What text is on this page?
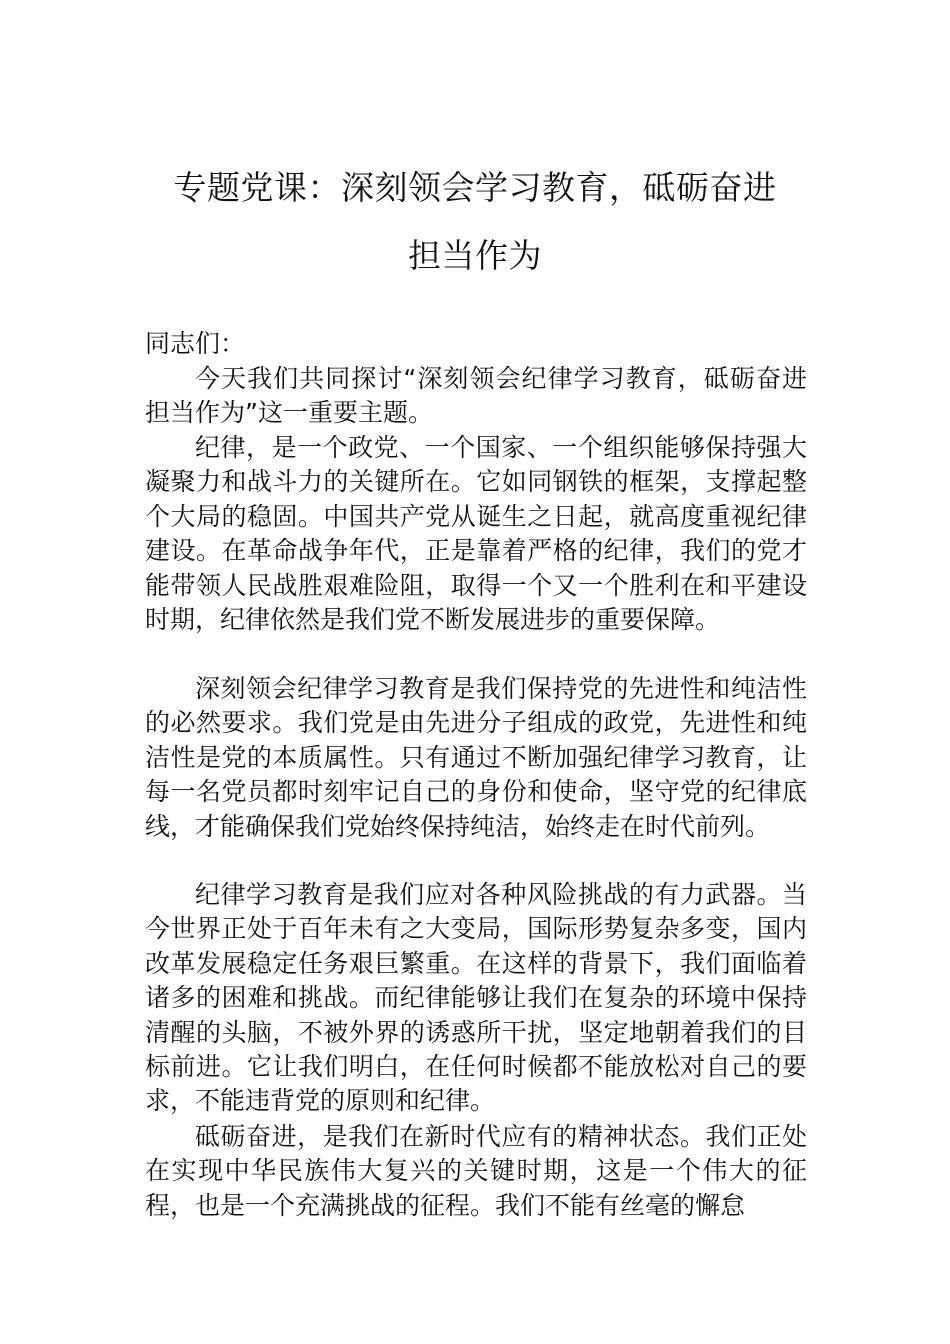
专题党课：深刻领会学习教育，砥砺奋进
担当作为

同志们：

今天我们共同探讨“深刻领会纪律学习教育，砥砺奋进担当作为”这一重要主题。

纪律，是一个政党、一个国家、一个组织能够保持强大凝聚力和战斗力的关键所在。它如同钢铁的框架，支撑起整个大局的稳固。中国共产党从诞生之日起，就高度重视纪律建设。在革命战争年代，正是靠着严格的纪律，我们的党才能带领人民战胜艰难险阻，取得一个又一个胜利在和平建设时期，纪律依然是我们党不断发展进步的重要保障。

深刻领会纪律学习教育是我们保持党的先进性和纯洁性的必然要求。我们党是由先进分子组成的政党，先进性和纯洁性是党的本质属性。只有通过不断加强纪律学习教育，让每一名党员都时刻牢记自己的身份和使命，坚守党的纪律底线，才能确保我们党始终保持纯洁，始终走在时代前列。

纪律学习教育是我们应对各种风险挑战的有力武器。当今世界正处于百年未有之大变局，国际形势复杂多变，国内改革发展稳定任务艰巨繁重。在这样的背景下，我们面临着诸多的困难和挑战。而纪律能够让我们在复杂的环境中保持清醒的头脑，不被外界的诱惑所干扰，坚定地朝着我们的目标前进。它让我们明白，在任何时候都不能放松对自己的要求，不能违背党的原则和纪律。

砥砺奋进，是我们在新时代应有的精神状态。我们正处在实现中华民族伟大复兴的关键时期，这是一个伟大的征程，也是一个充满挑战的征程。我们不能有丝毫的懈怠
